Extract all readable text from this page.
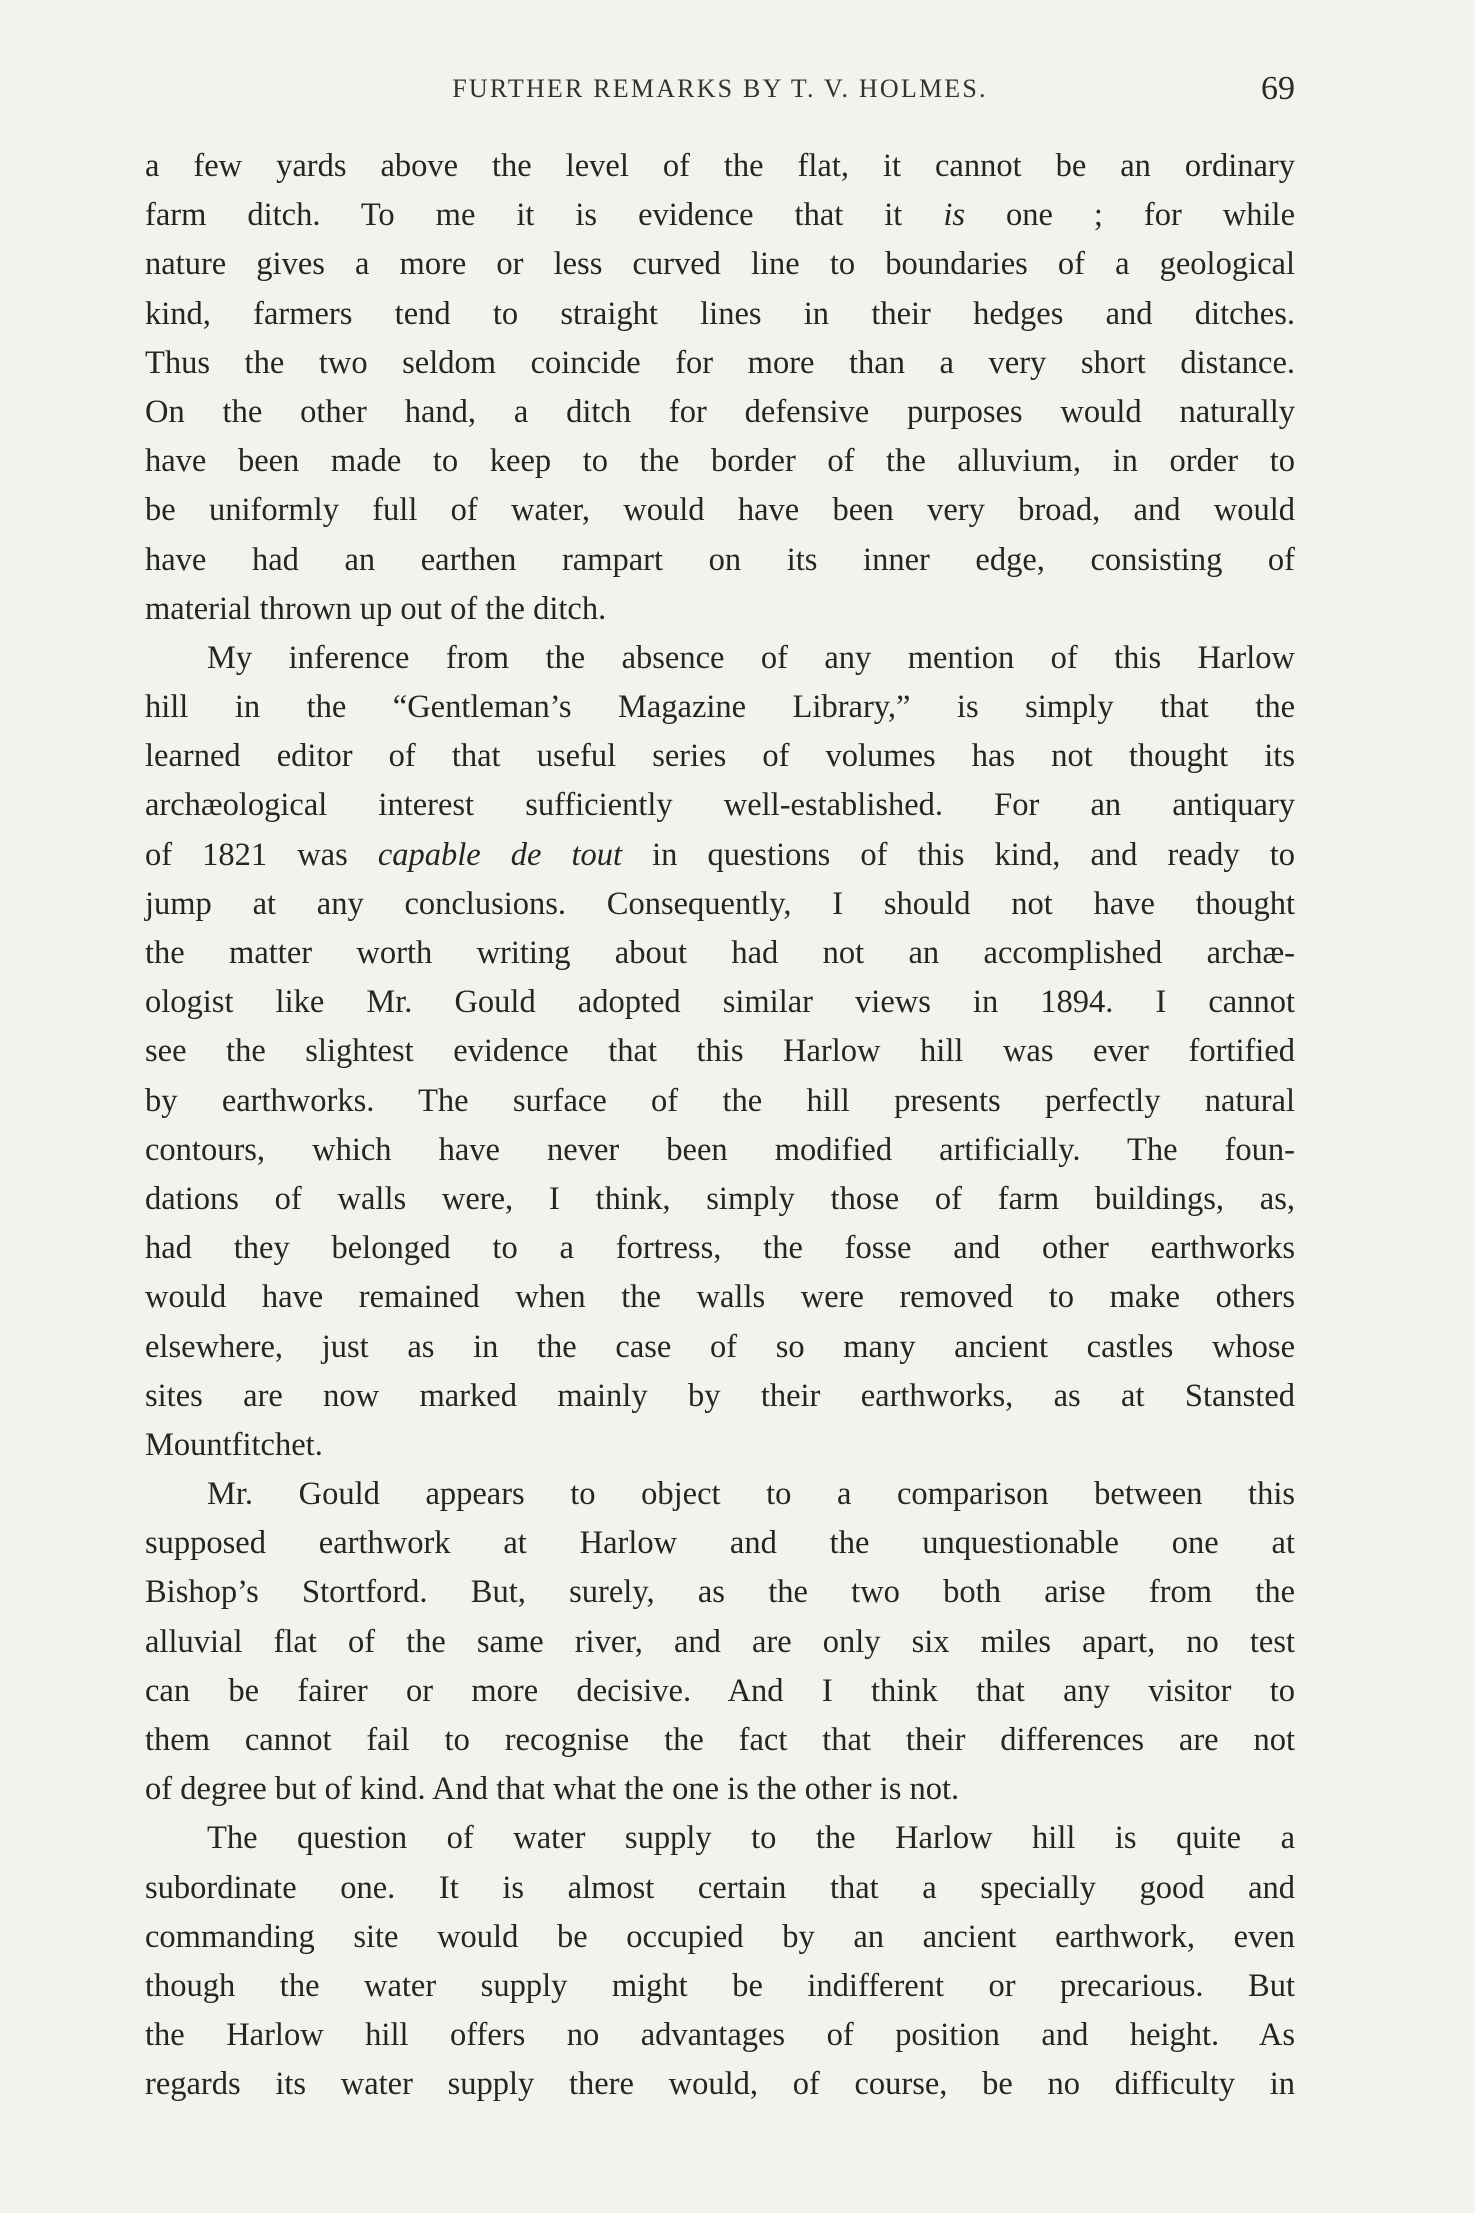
FURTHER REMARKS BY T. V. HOLMES.	69

a few yards above the level of the flat, it cannot be an ordinary
farm ditch. To me it is evidence that it is one ; for while
nature gives a more or less curved line to boundaries of a geological
kind, farmers tend to straight lines in their hedges and ditches.
Thus the two seldom coincide for more than a very short distance.
On the other hand, a ditch for defensive purposes would naturally
have been made to keep to the border of the alluvium, in order to
be uniformly full of water, would have been very broad, and would
have had an earthen rampart on its inner edge, consisting of
material thrown up out of the ditch.

My inference from the absence of any mention of this Harlow
hill in the “Gentleman’s Magazine Library,” is simply that the
learned editor of that useful series of volumes has not thought its
archæological interest sufficiently well-established. For an antiquary
of 1821 was capable de tout in questions of this kind, and ready to
jump at any conclusions. Consequently, I should not have thought
the matter worth writing about had not an accomplished archæ-
ologist like Mr. Gould adopted similar views in 1894. I cannot
see the slightest evidence that this Harlow hill was ever fortified
by earthworks. The surface of the hill presents perfectly natural
contours, which have never been modified artificially. The foun-
dations of walls were, I think, simply those of farm buildings, as,
had they belonged to a fortress, the fosse and other earthworks
would have remained when the walls were removed to make others
elsewhere, just as in the case of so many ancient castles whose
sites are now marked mainly by their earthworks, as at Stansted
Mountfitchet.

Mr. Gould appears to object to a comparison between this
supposed earthwork at Harlow and the unquestionable one at
Bishop’s Stortford. But, surely, as the two both arise from the
alluvial flat of the same river, and are only six miles apart, no test
can be fairer or more decisive. And I think that any visitor to
them cannot fail to recognise the fact that their differences are not
of degree but of kind. And that what the one is the other is not.

The question of water supply to the Harlow hill is quite a
subordinate one. It is almost certain that a specially good and
commanding site would be occupied by an ancient earthwork, even
though the water supply might be indifferent or precarious. But
the Harlow hill offers no advantages of position and height. As
regards its water supply there would, of course, be no difficulty in
